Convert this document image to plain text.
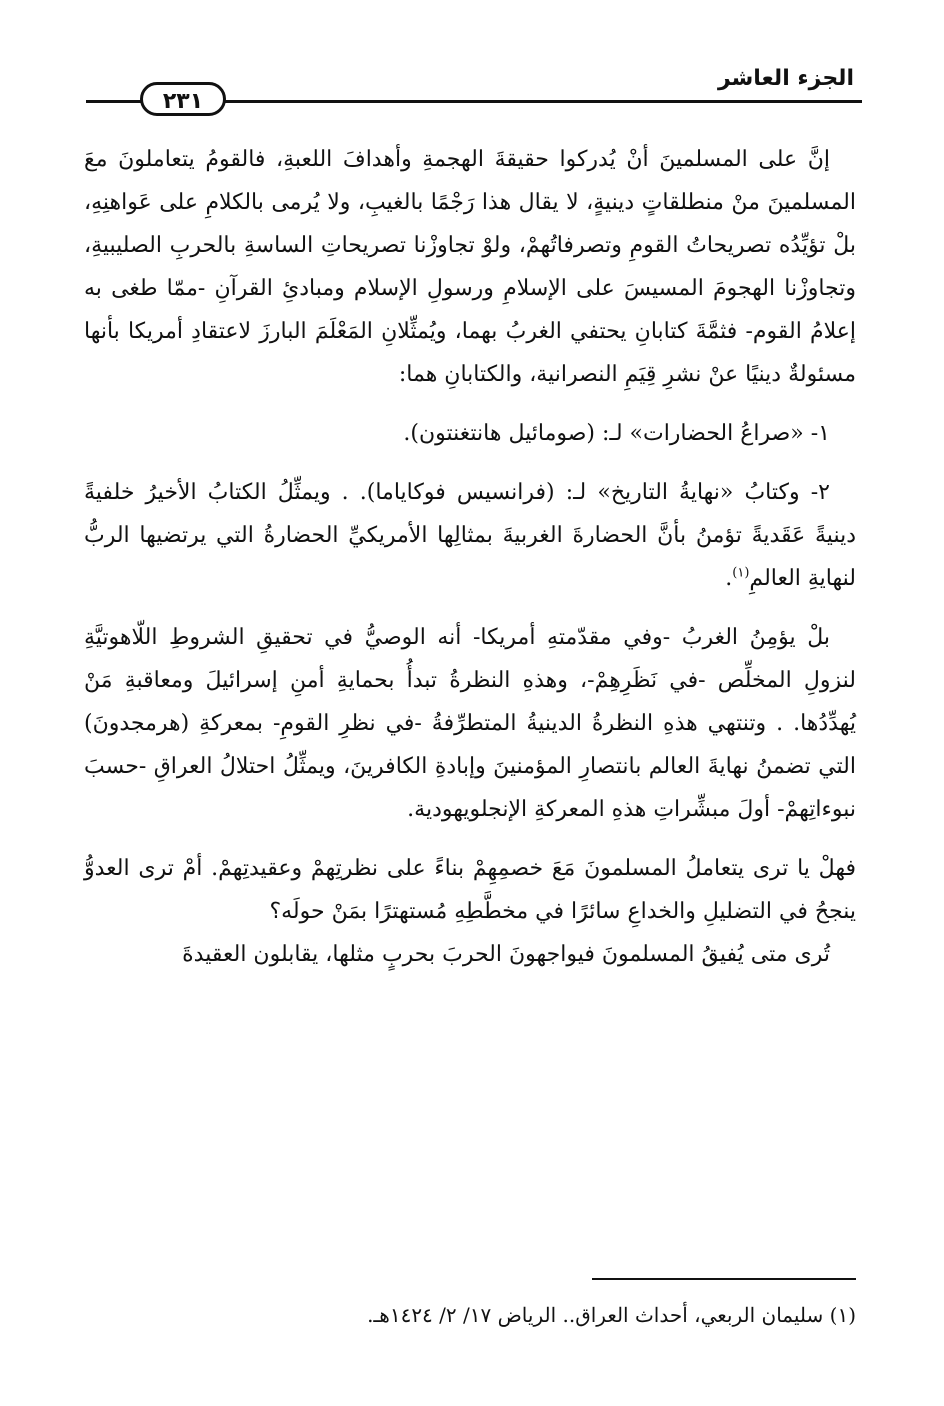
الجزء العاشر
٢٣١

إنَّ على المسلمينَ أنْ يُدركوا حقيقةَ الهجمةِ وأهدافَ اللعبةِ، فالقومُ يتعاملونَ معَ المسلمينَ منْ منطلقاتٍ دينيةٍ، لا يقال هذا رَجْمًا بالغيبِ، ولا يُرمى بالكلامِ على عَواهنِهِ، بلْ تؤيِّدُه تصريحاتُ القومِ وتصرفاتُهمْ، ولوْ تجاوزْنا تصريحاتِ الساسةِ بالحربِ الصليبيةِ، وتجاوزْنا الهجومَ المسيسَ على الإسلامِ ورسولِ الإسلام ومبادئِ القرآنِ -ممّا طغى به إعلامُ القوم- فثمَّةَ كتابانِ يحتفي الغربُ بهما، ويُمثِّلانِ المَعْلَمَ البارزَ لاعتقادِ أمريكا بأنها مسئولةٌ دينيًا عنْ نشرِ قِيَمِ النصرانية، والكتابانِ هما:

١- «صراعُ الحضارات» لـ: (صومائيل هانتغنتون).

٢- وكتابُ «نهايةُ التاريخ» لـ: (فرانسيس فوكاياما). . ويمثِّلُ الكتابُ الأخيرُ خلفيةً دينيةً عَقَديةً تؤمنُ بأنَّ الحضارةَ الغربيةَ بمثالِها الأمريكيِّ الحضارةُ التي يرتضيها الربُّ لنهايةِ العالمِ$^{(١)}$.

بلْ يؤمِنُ الغربُ -وفي مقدّمتهِ أمريكا- أنه الوصيُّ في تحقيقِ الشروطِ اللّاهوتيَّةِ لنزولِ المخلِّص -في نَظَرِهِمْ-، وهذهِ النظرةُ تبدأُ بحمايةِ أمنِ إسرائيلَ ومعاقبةِ مَنْ يُهدِّدُها. . وتنتهي هذهِ النظرةُ الدينيةُ المتطرِّفةُ -في نظرِ القومِ- بمعركةِ (هرمجدونَ) التي تضمنُ نهايةَ العالم بانتصارِ المؤمنينَ وإبادةِ الكافرينَ، ويمثِّلُ احتلالُ العراقِ -حسبَ نبوءاتِهمْ- أولَ مبشِّراتِ هذهِ المعركةِ الإنجلويهودية.

فهلْ يا ترى يتعاملُ المسلمونَ مَعَ خصمِهِمْ بناءً على نظرتِهمْ وعقيدتِهمْ. أمْ ترى العدوُّ ينجحُ في التضليلِ والخداعِ سائرًا في مخطَّطِهِ مُستهترًا بمَنْ حولَه؟

تُرى متى يُفيقُ المسلمونَ فيواجهونَ الحربَ بحربٍ مثلها، يقابلون العقيدةَ

(١) سليمان الربعي، أحداث العراق.. الرياض ١٧/ ٢/ ١٤٢٤هـ.
